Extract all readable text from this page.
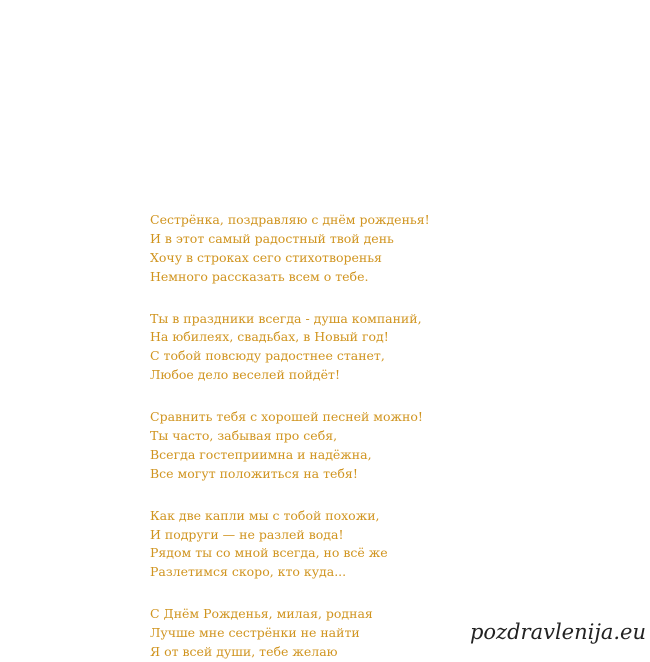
Сестрёнка, поздравляю с днём рожденья!
И в этот самый радостный твой день
Хочу в строках сего стихотворенья
Немного рассказать всем о тебе.
Ты в праздники всегда - душа компаний,
На юбилеях, свадьбах, в Новый год!
С тобой повсюду радостнее станет,
Любое дело веселей пойдёт!
Сравнить тебя с хорошей песней можно!
Ты часто, забывая про себя,
Всегда гостеприимна и надёжна,
Все могут положиться на тебя!
Как две капли мы с тобой похожи,
И подруги — не разлей вода!
Рядом ты со мной всегда, но всё же
Разлетимся скоро, кто куда...
С Днём Рожденья, милая, родная
Лучше мне сестрёнки не найти
Я от всей души, тебе желаю
pozdravlenija.eu
